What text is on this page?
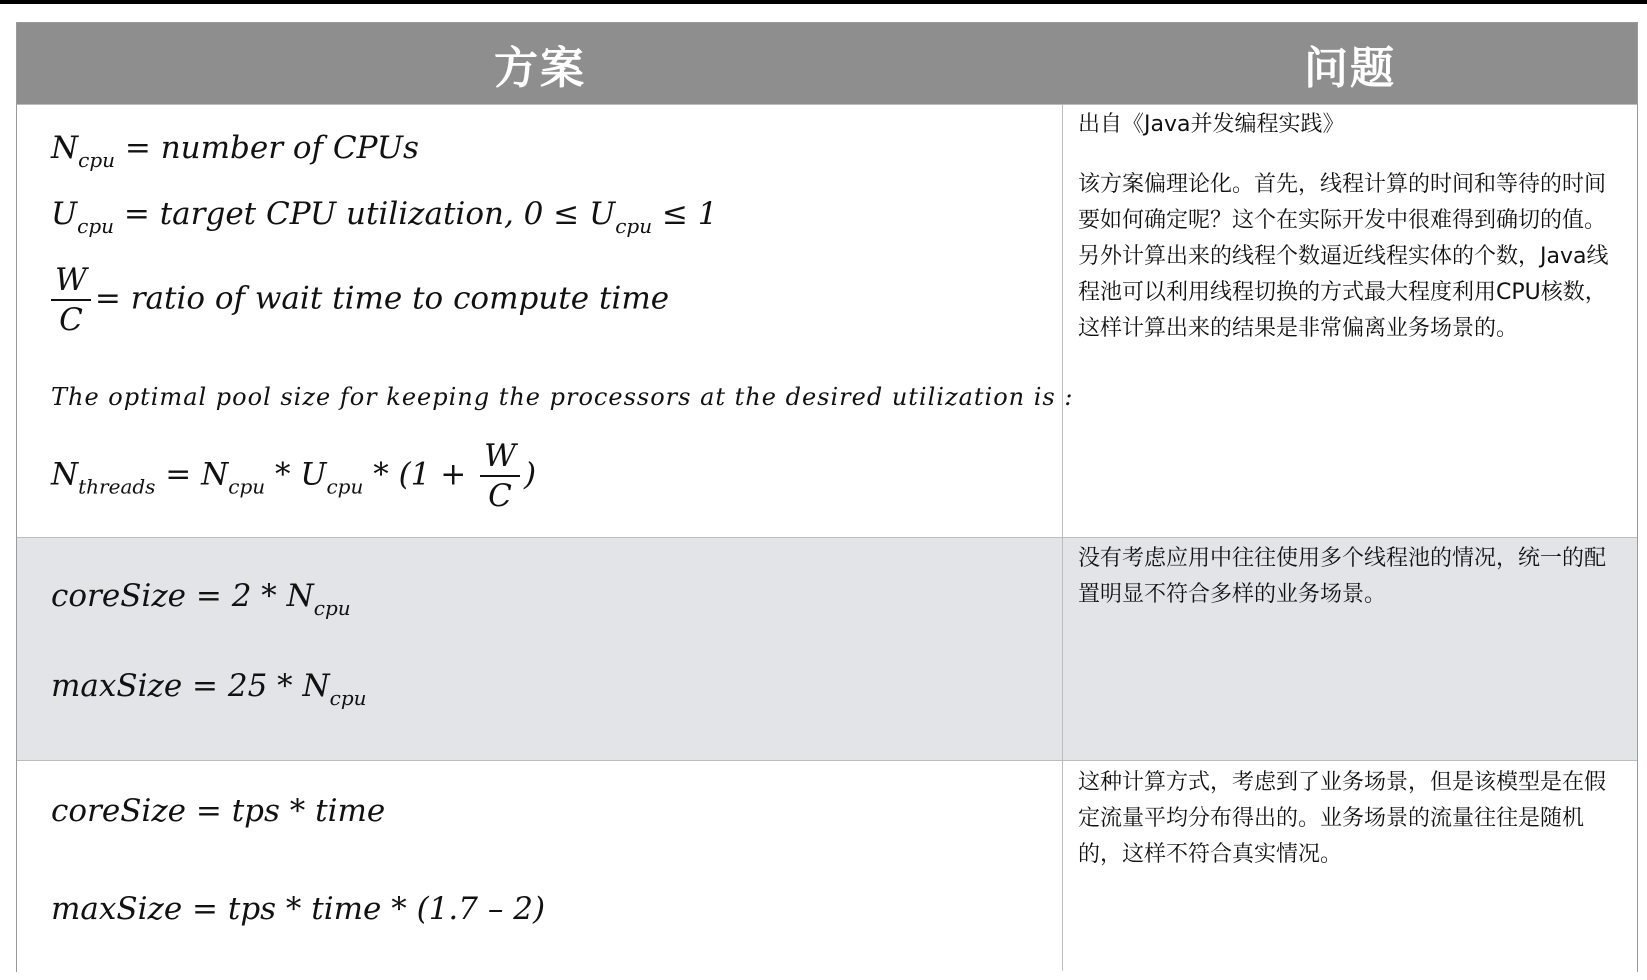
方案	问题
$N_{cpu}$ = number of CPUs
$U_{cpu}$ = target CPU utilization, $0 \le U_{cpu} \le 1$
$\frac{W}{C}$ = ratio of wait time to compute time
The optimal pool size for keeping the processors at the desired utilization is :
$N_{threads} = N_{cpu} * U_{cpu} * (1 + \frac{W}{C}$ )
出自《Java并发编程实践》
该方案偏理论化。首先，线程计算的时间和等待的时间要如何确定呢？这个在实际开发中很难得到确切的值。另外计算出来的线程个数逼近线程实体的个数，Java线程池可以利用线程切换的方式最大程度利用CPU核数，这样计算出来的结果是非常偏离业务场景的。
coreSize = $2 * N_{cpu}$
maxSize = $25 * N_{cpu}$
没有考虑应用中往往使用多个线程池的情况，统一的配置明显不符合多样的业务场景。
coreSize = tps * time
maxSize = tps * time * (1.7 – 2)
这种计算方式，考虑到了业务场景，但是该模型是在假定流量平均分布得出的。业务场景的流量往往是随机的，这样不符合真实情况。
